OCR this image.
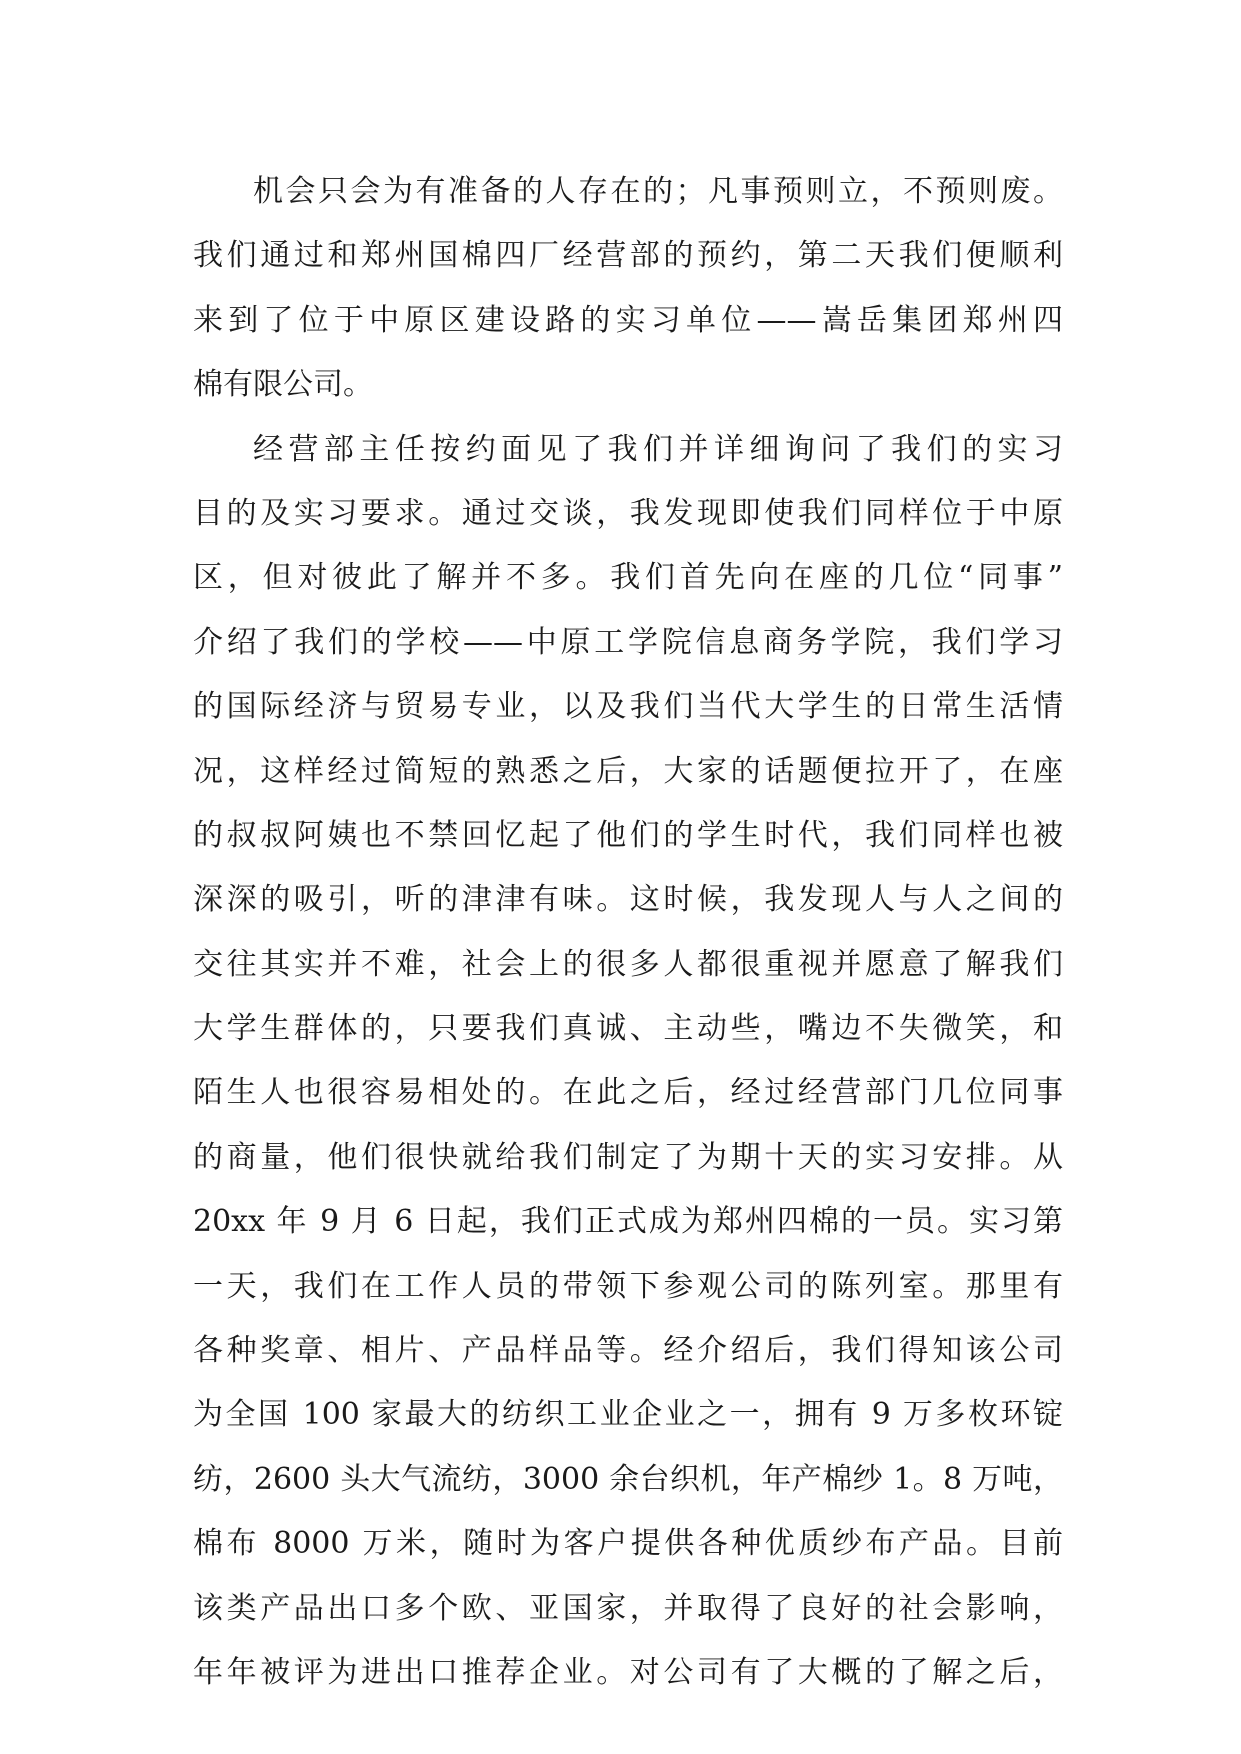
机会只会为有准备的人存在的；凡事预则立，不预则废。
我们通过和郑州国棉四厂经营部的预约，第二天我们便顺利
来到了位于中原区建设路的实习单位——嵩岳集团郑州四
棉有限公司。
经营部主任按约面见了我们并详细询问了我们的实习
目的及实习要求。通过交谈，我发现即使我们同样位于中原
区，但对彼此了解并不多。我们首先向在座的几位“同事”
介绍了我们的学校——中原工学院信息商务学院，我们学习
的国际经济与贸易专业，以及我们当代大学生的日常生活情
况，这样经过简短的熟悉之后，大家的话题便拉开了，在座
的叔叔阿姨也不禁回忆起了他们的学生时代，我们同样也被
深深的吸引，听的津津有味。这时候，我发现人与人之间的
交往其实并不难，社会上的很多人都很重视并愿意了解我们
大学生群体的，只要我们真诚、主动些，嘴边不失微笑，和
陌生人也很容易相处的。在此之后，经过经营部门几位同事
的商量，他们很快就给我们制定了为期十天的实习安排。从
20xx 年 9 月 6 日起，我们正式成为郑州四棉的一员。实习第
一天，我们在工作人员的带领下参观公司的陈列室。那里有
各种奖章、相片、产品样品等。经介绍后，我们得知该公司
为全国 100 家最大的纺织工业企业之一，拥有 9 万多枚环锭
纺，2600 头大气流纺，3000 余台织机，年产棉纱 1。8 万吨，
棉布 8000 万米，随时为客户提供各种优质纱布产品。目前
该类产品出口多个欧、亚国家，并取得了良好的社会影响，
年年被评为进出口推荐企业。对公司有了大概的了解之后，
